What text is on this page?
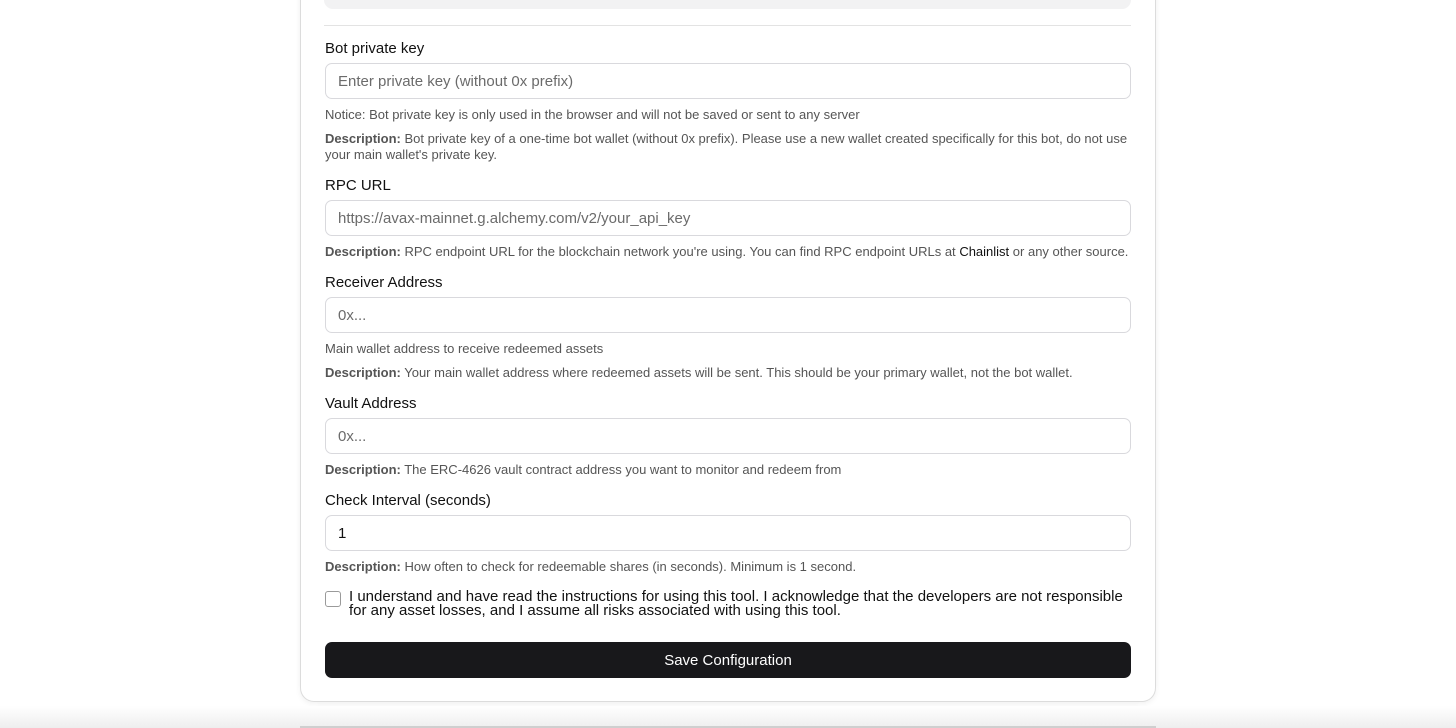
Bot private key
Enter private key (without 0x prefix)
Notice: Bot private key is only used in the browser and will not be saved or sent to any server
Description: Bot private key of a one-time bot wallet (without 0x prefix). Please use a new wallet created specifically for this bot, do not use your main wallet's private key.
RPC URL
https://avax-mainnet.g.alchemy.com/v2/your_api_key
Description: RPC endpoint URL for the blockchain network you're using. You can find RPC endpoint URLs at Chainlist or any other source.
Receiver Address
0x...
Main wallet address to receive redeemed assets
Description: Your main wallet address where redeemed assets will be sent. This should be your primary wallet, not the bot wallet.
Vault Address
0x...
Description: The ERC-4626 vault contract address you want to monitor and redeem from
Check Interval (seconds)
1
Description: How often to check for redeemable shares (in seconds). Minimum is 1 second.
I understand and have read the instructions for using this tool. I acknowledge that the developers are not responsible for any asset losses, and I assume all risks associated with using this tool.
Save Configuration
